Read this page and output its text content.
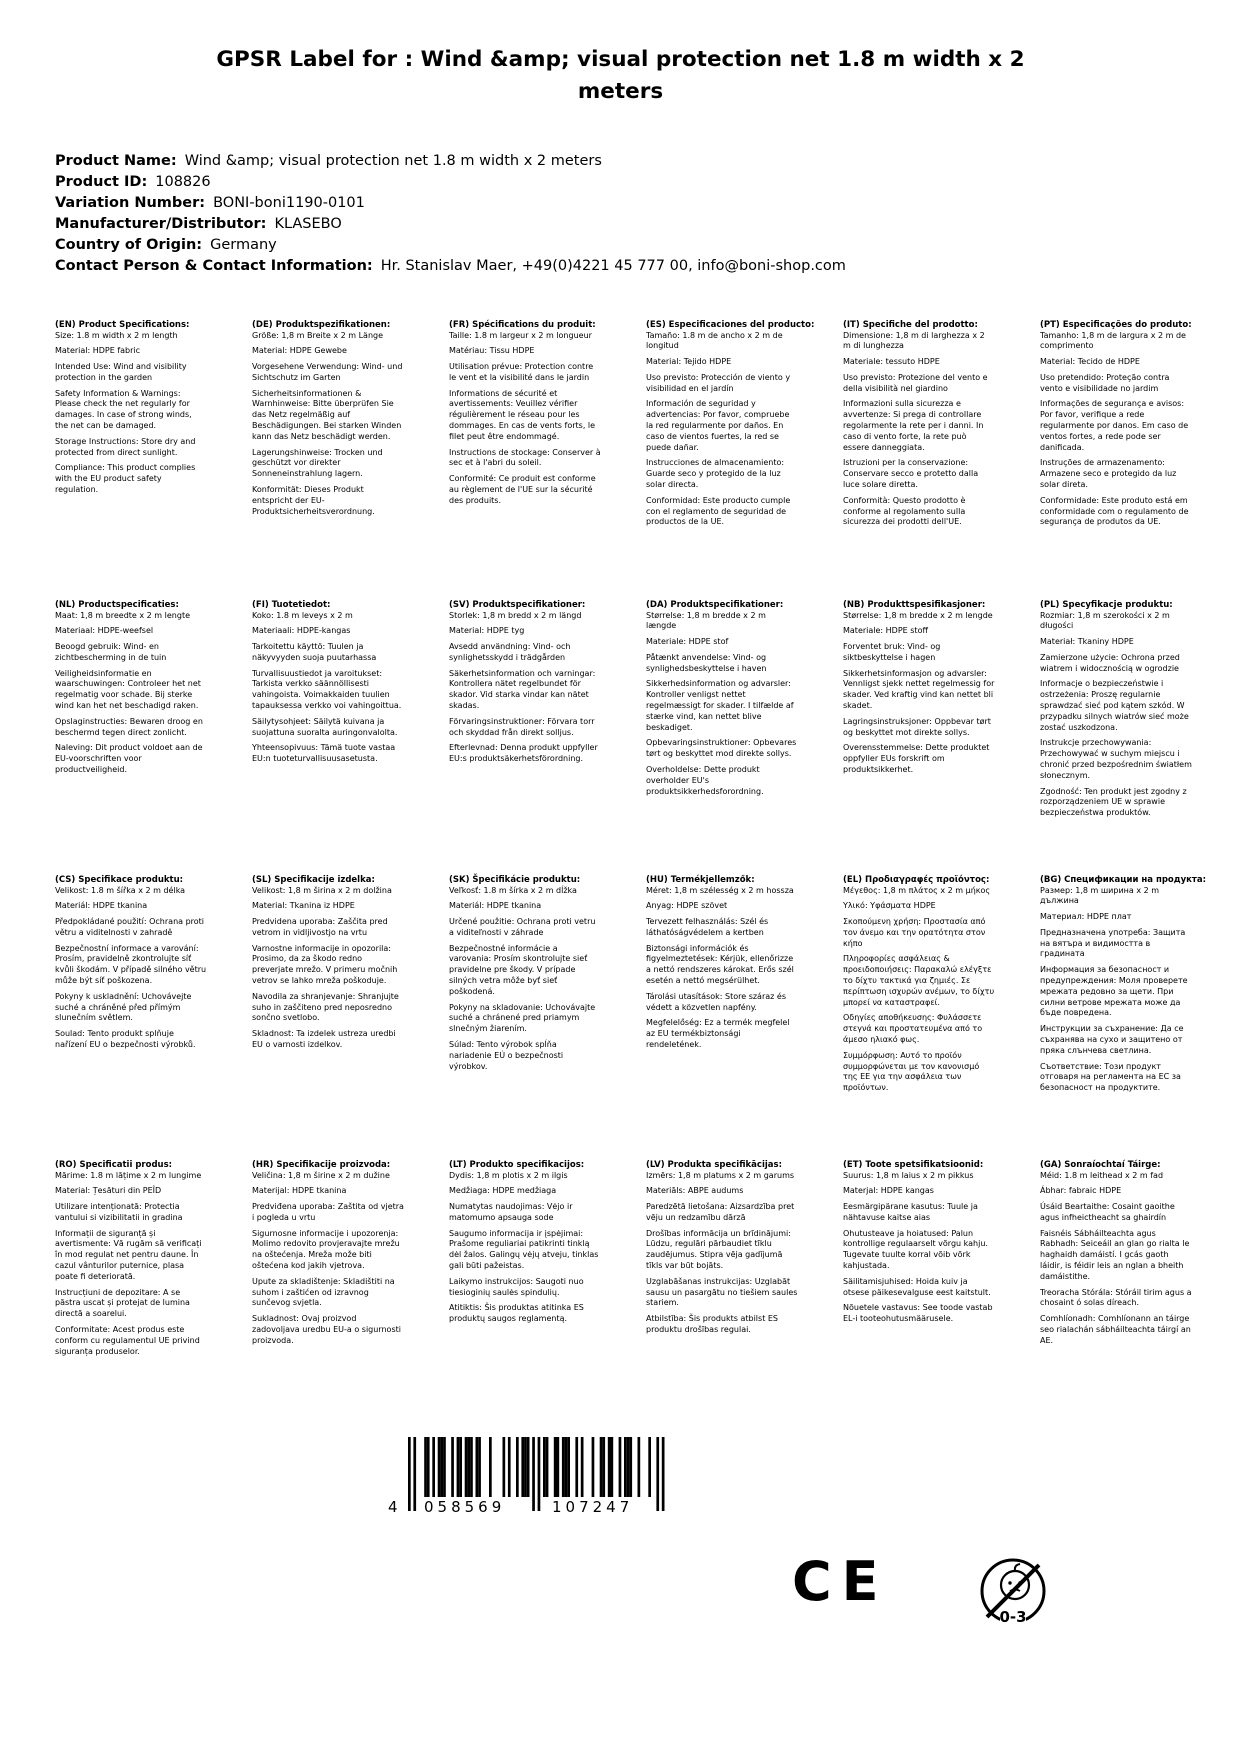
GPSR Label for : Wind &amp; visual protection net 1.8 m width x 2 meters
Product Name: Wind &amp; visual protection net 1.8 m width x 2 meters
Product ID: 108826
Variation Number: BONI-boni1190-0101
Manufacturer/Distributor: KLASEBO
Country of Origin: Germany
Contact Person & Contact Information: Hr. Stanislav Maer, +49(0)4221 45 777 00, info@boni-shop.com
(EN) Product Specifications:

Size: 1.8 m width x 2 m length

Material: HDPE fabric

Intended Use: Wind and visibility protection in the garden

Safety Information & Warnings: Please check the net regularly for damages. In case of strong winds, the net can be damaged.

Storage Instructions: Store dry and protected from direct sunlight.

Compliance: This product complies with the EU product safety regulation.

(DE) Produktspezifikationen:

Größe: 1,8 m Breite x 2 m Länge

Material: HDPE Gewebe

Vorgesehene Verwendung: Wind- und Sichtschutz im Garten

Sicherheitsinformationen & Warnhinweise: Bitte überprüfen Sie das Netz regelmäßig auf Beschädigungen. Bei starken Winden kann das Netz beschädigt werden.

Lagerungshinweise: Trocken und geschützt vor direkter Sonneneinstrahlung lagern.

Konformität: Dieses Produkt entspricht der EU-Produktsicherheitsverordnung.

(FR) Spécifications du produit:

Taille: 1.8 m largeur x 2 m longueur

Matériau: Tissu HDPE

Utilisation prévue: Protection contre le vent et la visibilité dans le jardin

Informations de sécurité et avertissements: Veuillez vérifier régulièrement le réseau pour les dommages. En cas de vents forts, le filet peut être endommagé.

Instructions de stockage: Conserver à sec et à l'abri du soleil.

Conformité: Ce produit est conforme au règlement de l'UE sur la sécurité des produits.

(ES) Especificaciones del producto:

Tamaño: 1.8 m de ancho x 2 m de longitud

Material: Tejido HDPE

Uso previsto: Protección de viento y visibilidad en el jardín

Información de seguridad y advertencias: Por favor, compruebe la red regularmente por daños. En caso de vientos fuertes, la red se puede dañar.

Instrucciones de almacenamiento: Guarde seco y protegido de la luz solar directa.

Conformidad: Este producto cumple con el reglamento de seguridad de productos de la UE.

(IT) Specifiche del prodotto:

Dimensione: 1,8 m di larghezza x 2 m di lunghezza

Materiale: tessuto HDPE

Uso previsto: Protezione del vento e della visibilità nel giardino

Informazioni sulla sicurezza e avvertenze: Si prega di controllare regolarmente la rete per i danni. In caso di vento forte, la rete può essere danneggiata.

Istruzioni per la conservazione: Conservare secco e protetto dalla luce solare diretta.

Conformità: Questo prodotto è conforme al regolamento sulla sicurezza dei prodotti dell'UE.

(PT) Especificações do produto:

Tamanho: 1,8 m de largura x 2 m de comprimento

Material: Tecido de HDPE

Uso pretendido: Proteção contra vento e visibilidade no jardim

Informações de segurança e avisos: Por favor, verifique a rede regularmente por danos. Em caso de ventos fortes, a rede pode ser danificada.

Instruções de armazenamento: Armazene seco e protegido da luz solar direta.

Conformidade: Este produto está em conformidade com o regulamento de segurança de produtos da UE.

(NL) Productspecificaties:

Maat: 1,8 m breedte x 2 m lengte

Materiaal: HDPE-weefsel

Beoogd gebruik: Wind- en zichtbescherming in de tuin

Veiligheidsinformatie en waarschuwingen: Controleer het net regelmatig voor schade. Bij sterke wind kan het net beschadigd raken.

Opslaginstructies: Bewaren droog en beschermd tegen direct zonlicht.

Naleving: Dit product voldoet aan de EU-voorschriften voor productveiligheid.

(FI) Tuotetiedot:

Koko: 1.8 m leveys x 2 m

Materiaali: HDPE-kangas

Tarkoitettu käyttö: Tuulen ja näkyvyyden suoja puutarhassa

Turvallisuustiedot ja varoitukset: Tarkista verkko säännöllisesti vahingoista. Voimakkaiden tuulien tapauksessa verkko voi vahingoittua.

Säilytysohjeet: Säilytä kuivana ja suojattuna suoralta auringonvalolta.

Yhteensopivuus: Tämä tuote vastaa EU:n tuoteturvallisuusasetusta.

(SV) Produktspecifikationer:

Storlek: 1,8 m bredd x 2 m längd

Material: HDPE tyg

Avsedd användning: Vind- och synlighetsskydd i trädgården

Säkerhetsinformation och varningar: Kontrollera nätet regelbundet för skador. Vid starka vindar kan nätet skadas.

Förvaringsinstruktioner: Förvara torr och skyddad från direkt solljus.

Efterlevnad: Denna produkt uppfyller EU:s produktsäkerhetsförordning.

(DA) Produktspecifikationer:

Størrelse: 1,8 m bredde x 2 m længde

Materiale: HDPE stof

Påtænkt anvendelse: Vind- og synlighedsbeskyttelse i haven

Sikkerhedsinformation og advarsler: Kontroller venligst nettet regelmæssigt for skader. I tilfælde af stærke vind, kan nettet blive beskadiget.

Opbevaringsinstruktioner: Opbevares tørt og beskyttet mod direkte sollys.

Overholdelse: Dette produkt overholder EU's produktsikkerhedsforordning.

(NB) Produkttspesifikasjoner:

Størrelse: 1,8 m bredde x 2 m lengde

Materiale: HDPE stoff

Forventet bruk: Vind- og siktbeskyttelse i hagen

Sikkerhetsinformasjon og advarsler: Vennligst sjekk nettet regelmessig for skader. Ved kraftig vind kan nettet bli skadet.

Lagringsinstruksjoner: Oppbevar tørt og beskyttet mot direkte sollys.

Overensstemmelse: Dette produktet oppfyller EUs forskrift om produktsikkerhet.

(PL) Specyfikacje produktu:

Rozmiar: 1,8 m szerokości x 2 m długości

Materiał: Tkaniny HDPE

Zamierzone użycie: Ochrona przed wiatrem i widocznością w ogrodzie

Informacje o bezpieczeństwie i ostrzeżenia: Proszę regularnie sprawdzać sieć pod kątem szkód. W przypadku silnych wiatrów sieć może zostać uszkodzona.

Instrukcje przechowywania: Przechowywać w suchym miejscu i chronić przed bezpośrednim światłem słonecznym.

Zgodność: Ten produkt jest zgodny z rozporządzeniem UE w sprawie bezpieczeństwa produktów.

(CS) Specifikace produktu:

Velikost: 1.8 m šířka x 2 m délka

Materiál: HDPE tkanina

Předpokládané použití: Ochrana proti větru a viditelnosti v zahradě

Bezpečnostní informace a varování: Prosím, pravidelně zkontrolujte síť kvůli škodám. V případě silného větru může být síť poškozena.

Pokyny k uskladnění: Uchovávejte suché a chráněné před přímým slunečním světlem.

Soulad: Tento produkt splňuje nařízení EU o bezpečnosti výrobků.

(SL) Specifikacije izdelka:

Velikost: 1,8 m širina x 2 m dolžina

Material: Tkanina iz HDPE

Predvidena uporaba: Zaščita pred vetrom in vidljivostjo na vrtu

Varnostne informacije in opozorila: Prosimo, da za škodo redno preverjate mrežo. V primeru močnih vetrov se lahko mreža poškoduje.

Navodila za shranjevanje: Shranjujte suho in zaščiteno pred neposredno sončno svetlobo.

Skladnost: Ta izdelek ustreza uredbi EU o varnosti izdelkov.

(SK) Špecifikácie produktu:

Veľkosť: 1.8 m šírka x 2 m dĺžka

Materiál: HDPE tkanina

Určené použitie: Ochrana proti vetru a viditeľnosti v záhrade

Bezpečnostné informácie a varovania: Prosím skontrolujte sieť pravidelne pre škody. V prípade silných vetra môže byť sieť poškodená.

Pokyny na skladovanie: Uchovávajte suché a chránené pred priamym slnečným žiarením.

Súlad: Tento výrobok spĺňa nariadenie EÚ o bezpečnosti výrobkov.

(HU) Termékjellemzők:

Méret: 1,8 m szélesség x 2 m hossza

Anyag: HDPE szövet

Tervezett felhasználás: Szél és láthatóságvédelem a kertben

Biztonsági információk és figyelmeztetések: Kérjük, ellenőrizze a nettó rendszeres károkat. Erős szél esetén a nettó megsérülhet.

Tárolási utasítások: Store száraz és védett a közvetlen napfény.

Megfelelőség: Ez a termék megfelel az EU termékbiztonsági rendeletének.

(EL) Προδιαγραφές προϊόντος:

Μέγεθος: 1,8 m πλάτος x 2 m μήκος

Υλικό: Υφάσματα HDPE

Σκοπούμενη χρήση: Προστασία από τον άνεμο και την ορατότητα στον κήπο

Πληροφορίες ασφάλειας & προειδοποιήσεις: Παρακαλώ ελέγξτε το δίχτυ τακτικά για ζημιές. Σε περίπτωση ισχυρών ανέμων, το δίχτυ μπορεί να καταστραφεί.

Οδηγίες αποθήκευσης: Φυλάσσετε στεγνά και προστατευμένα από το άμεσο ηλιακό φως.

Συμμόρφωση: Αυτό το προϊόν συμμορφώνεται με τον κανονισμό της ΕΕ για την ασφάλεια των προϊόντων.

(BG) Спецификации на продукта:

Размер: 1,8 m ширина x 2 m дължина

Материал: HDPE плат

Предназначена употреба: Защита на вятъра и видимостта в градината

Информация за безопасност и предупреждения: Моля проверете мрежата редовно за щети. При силни ветрове мрежата може да бъде повредена.

Инструкции за съхранение: Да се съхранява на сухо и защитено от пряка слънчева светлина.

Съответствие: Този продукт отговаря на регламента на ЕС за безопасност на продуктите.

(RO) Specificatii produs:

Mărime: 1.8 m lățime x 2 m lungime

Material: Țesături din PEÎD

Utilizare intenționată: Protectia vantului si vizibilitatii in gradina

Informații de siguranță și avertismente: Vă rugăm să verificați în mod regulat net pentru daune. În cazul vânturilor puternice, plasa poate fi deteriorată.

Instrucțiuni de depozitare: A se păstra uscat și protejat de lumina directă a soarelui.

Conformitate: Acest produs este conform cu regulamentul UE privind siguranța produselor.

(HR) Specifikacije proizvoda:

Veličina: 1,8 m širine x 2 m dužine

Materijal: HDPE tkanina

Predviđena uporaba: Zaštita od vjetra i pogleda u vrtu

Sigurnosne informacije i upozorenja: Molimo redovito provjeravajte mrežu na oštećenja. Mreža može biti oštećena kod jakih vjetrova.

Upute za skladištenje: Skladištiti na suhom i zaštićen od izravnog sunčevog svjetla.

Sukladnost: Ovaj proizvod zadovoljava uredbu EU-a o sigurnosti proizvoda.

(LT) Produkto specifikacijos:

Dydis: 1,8 m plotis x 2 m ilgis

Medžiaga: HDPE medžiaga

Numatytas naudojimas: Vėjo ir matomumo apsauga sode

Saugumo informacija ir įspėjimai: Prašome reguliariai patikrinti tinklą dėl žalos. Galingų vėjų atveju, tinklas gali būti pažeistas.

Laikymo instrukcijos: Saugoti nuo tiesioginių saulės spindulių.

Atitiktis: Šis produktas atitinka ES produktų saugos reglamentą.

(LV) Produkta specifikācijas:

Izmērs: 1,8 m platums x 2 m garums

Materiāls: ABPE audums

Paredzētā lietošana: Aizsardzība pret vēju un redzamību dārzā

Drošības informācija un brīdinājumi: Lūdzu, regulāri pārbaudiet tīklu zaudējumus. Stipra vēja gadījumā tīkls var būt bojāts.

Uzglabāšanas instrukcijas: Uzglabāt sausu un pasargātu no tiešiem saules stariem.

Atbilstība: Šis produkts atbilst ES produktu drošības regulai.

(ET) Toote spetsifikatsioonid:

Suurus: 1,8 m laius x 2 m pikkus

Materjal: HDPE kangas

Eesmärgipärane kasutus: Tuule ja nähtavuse kaitse aias

Ohutusteave ja hoiatused: Palun kontrollige regulaarselt võrgu kahju. Tugevate tuulte korral võib võrk kahjustada.

Säilitamisjuhised: Hoida kuiv ja otsese päikesevalguse eest kaitstult.

Nõuetele vastavus: See toode vastab EL-i tooteohutusmäärusele.

(GA) Sonraíochtaí Táirge:

Méid: 1.8 m leithead x 2 m fad

Ábhar: fabraic HDPE

Úsáid Beartaithe: Cosaint gaoithe agus infheictheacht sa ghairdín

Faisnéis Sábháilteachta agus Rabhadh: Seiceáil an glan go rialta le haghaidh damáistí. I gcás gaoth láidir, is féidir leis an nglan a bheith damáistithe.

Treoracha Stórála: Stóráil tirim agus a chosaint ó solas díreach.

Comhlíonadh: Comhlíonann an táirge seo rialachán sábháilteachta táirgí an AE.

4 058569	107247
CE
0-3
